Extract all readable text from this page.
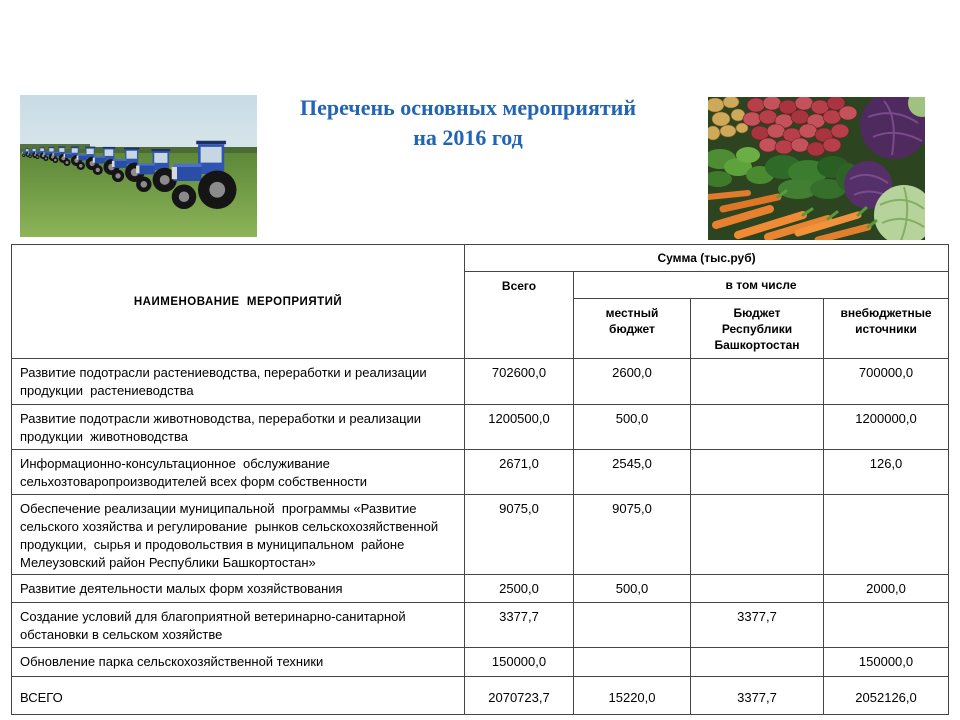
Перечень основных мероприятий
на 2016 год
НАИМЕНОВАНИЕ  МЕРОПРИЯТИЙ	Сумма (тыс.руб)			
	Всего	в том числе		

		местный бюджет	Бюджет Республики Башкортостан	внебюджетные источники

Развитие подотрасли растениеводства, переработки и реализации продукции  растениеводства	702600,0	2600,0		700000,0
Развитие подотрасли животноводства, переработки и реализации продукции  животноводства	1200500,0	500,0		1200000,0
Информационно-консультационное  обслуживание сельхозтоваропроизводителей всех форм собственности	2671,0	2545,0		126,0
Обеспечение реализации муниципальной  программы «Развитие сельского хозяйства и регулирование  рынков сельскохозяйственной продукции,  сырья и продовольствия в муниципальном  районе Мелеузовский район Республики Башкортостан»	9075,0	9075,0		
Развитие деятельности малых форм хозяйствования	2500,0	500,0		2000,0
Создание условий для благоприятной ветеринарно-санитарной обстановки в сельском хозяйстве	3377,7		3377,7	
Обновление парка сельскохозяйственной техники	150000,0			150000,0
ВСЕГО	2070723,7	15220,0	3377,7	2052126,0
